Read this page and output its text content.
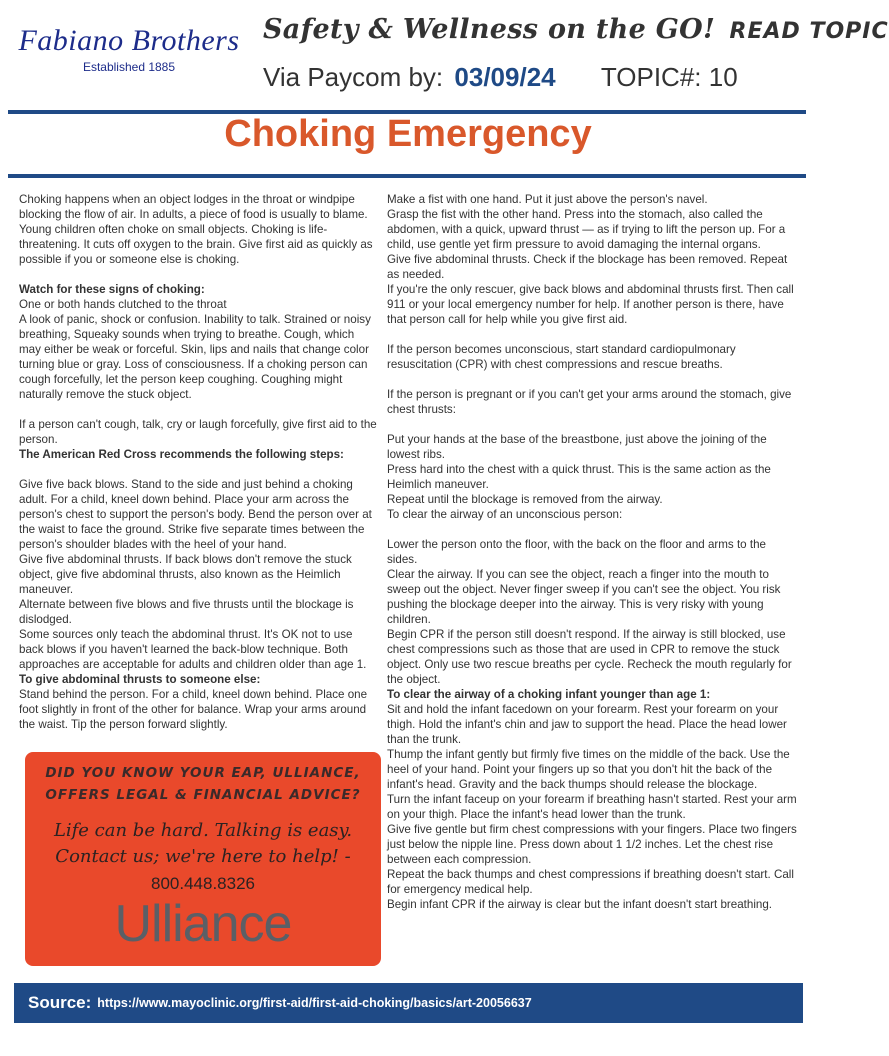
Fabiano Brothers
Established 1885
Safety & Wellness on the GO! READ TOPIC
Via Paycom by: 03/09/24 TOPIC#: 10
Choking Emergency

Choking happens when an object lodges in the throat or windpipe blocking the flow of air. In adults, a piece of food is usually to blame. Young children often choke on small objects. Choking is life-threatening. It cuts off oxygen to the brain. Give first aid as quickly as possible if you or someone else is choking.

Watch for these signs of choking:

One or both hands clutched to the throat

A look of panic, shock or confusion. Inability to talk. Strained or noisy breathing, Squeaky sounds when trying to breathe. Cough, which may either be weak or forceful. Skin, lips and nails that change color turning blue or gray. Loss of consciousness. If a choking person can cough forcefully, let the person keep coughing. Coughing might naturally remove the stuck object.

If a person can't cough, talk, cry or laugh forcefully, give first aid to the person.

The American Red Cross recommends the following steps:

Give five back blows. Stand to the side and just behind a choking adult. For a child, kneel down behind. Place your arm across the person's chest to support the person's body. Bend the person over at the waist to face the ground. Strike five separate times between the person's shoulder blades with the heel of your hand.

Give five abdominal thrusts. If back blows don't remove the stuck object, give five abdominal thrusts, also known as the Heimlich maneuver.

Alternate between five blows and five thrusts until the blockage is dislodged.

Some sources only teach the abdominal thrust. It's OK not to use back blows if you haven't learned the back-blow technique. Both approaches are acceptable for adults and children older than age 1.

To give abdominal thrusts to someone else:

Stand behind the person. For a child, kneel down behind. Place one foot slightly in front of the other for balance. Wrap your arms around the waist. Tip the person forward slightly.

Make a fist with one hand. Put it just above the person's navel.

Grasp the fist with the other hand. Press into the stomach, also called the abdomen, with a quick, upward thrust — as if trying to lift the person up. For a child, use gentle yet firm pressure to avoid damaging the internal organs.

Give five abdominal thrusts. Check if the blockage has been removed. Repeat as needed.

If you're the only rescuer, give back blows and abdominal thrusts first. Then call 911 or your local emergency number for help. If another person is there, have that person call for help while you give first aid.

If the person becomes unconscious, start standard cardiopulmonary resuscitation (CPR) with chest compressions and rescue breaths.

If the person is pregnant or if you can't get your arms around the stomach, give chest thrusts:

Put your hands at the base of the breastbone, just above the joining of the lowest ribs.

Press hard into the chest with a quick thrust. This is the same action as the Heimlich maneuver.

Repeat until the blockage is removed from the airway.

To clear the airway of an unconscious person:

Lower the person onto the floor, with the back on the floor and arms to the sides.

Clear the airway. If you can see the object, reach a finger into the mouth to sweep out the object. Never finger sweep if you can't see the object. You risk pushing the blockage deeper into the airway. This is very risky with young children.

Begin CPR if the person still doesn't respond. If the airway is still blocked, use chest compressions such as those that are used in CPR to remove the stuck object. Only use two rescue breaths per cycle. Recheck the mouth regularly for the object.

To clear the airway of a choking infant younger than age 1:

Sit and hold the infant facedown on your forearm. Rest your forearm on your thigh. Hold the infant's chin and jaw to support the head. Place the head lower than the trunk.

Thump the infant gently but firmly five times on the middle of the back. Use the heel of your hand. Point your fingers up so that you don't hit the back of the infant's head. Gravity and the back thumps should release the blockage.

Turn the infant faceup on your forearm if breathing hasn't started. Rest your arm on your thigh. Place the infant's head lower than the trunk.

Give five gentle but firm chest compressions with your fingers. Place two fingers just below the nipple line. Press down about 1 1/2 inches. Let the chest rise between each compression.

Repeat the back thumps and chest compressions if breathing doesn't start. Call for emergency medical help.

Begin infant CPR if the airway is clear but the infant doesn't start breathing.

DID YOU KNOW YOUR EAP, ULLIANCE, OFFERS LEGAL & FINANCIAL ADVICE?
Life can be hard. Talking is easy.
Contact us; we're here to help! -
800.448.8326
Ulliance
Source: https://www.mayoclinic.org/first-aid/first-aid-choking/basics/art-20056637
